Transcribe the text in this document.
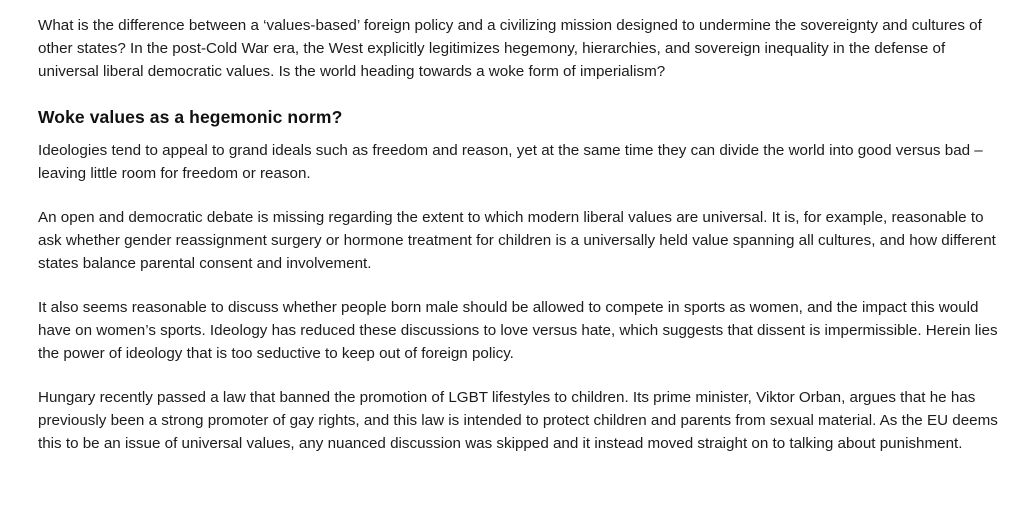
What is the difference between a ‘values-based’ foreign policy and a civilizing mission designed to undermine the sovereignty and cultures of other states? In the post-Cold War era, the West explicitly legitimizes hegemony, hierarchies, and sovereign inequality in the defense of universal liberal democratic values. Is the world heading towards a woke form of imperialism?

Woke values as a hegemonic norm?

Ideologies tend to appeal to grand ideals such as freedom and reason, yet at the same time they can divide the world into good versus bad – leaving little room for freedom or reason.

An open and democratic debate is missing regarding the extent to which modern liberal values are universal. It is, for example, reasonable to ask whether gender reassignment surgery or hormone treatment for children is a universally held value spanning all cultures, and how different states balance parental consent and involvement.

It also seems reasonable to discuss whether people born male should be allowed to compete in sports as women, and the impact this would have on women’s sports. Ideology has reduced these discussions to love versus hate, which suggests that dissent is impermissible. Herein lies the power of ideology that is too seductive to keep out of foreign policy.

Hungary recently passed a law that banned the promotion of LGBT lifestyles to children. Its prime minister, Viktor Orban, argues that he has previously been a strong promoter of gay rights, and this law is intended to protect children and parents from sexual material. As the EU deems this to be an issue of universal values, any nuanced discussion was skipped and it instead moved straight on to talking about punishment.
